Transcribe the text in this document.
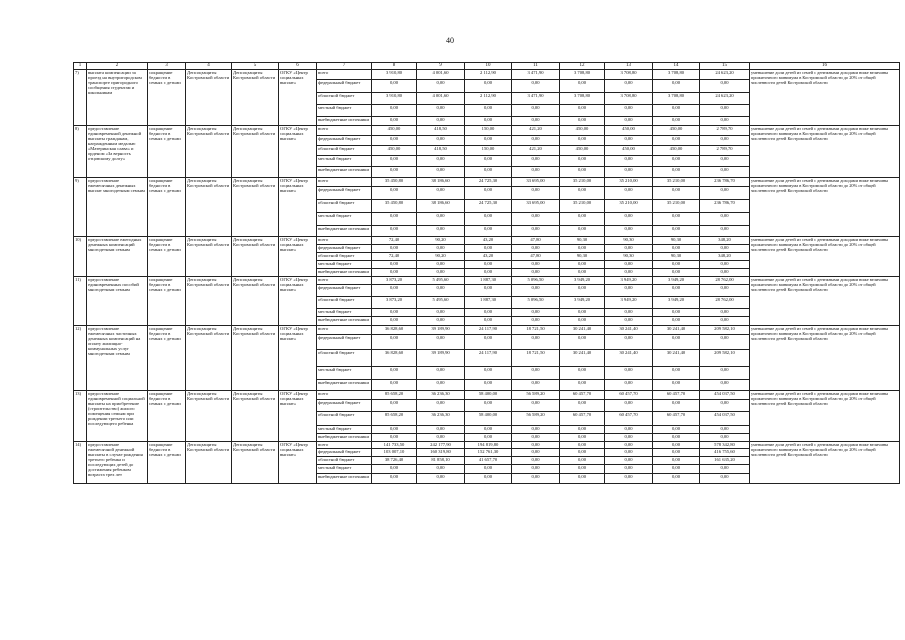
40
1	2	3	4	5	6	7	8	9	10	11	12	13	14	15	16
7)	выплата компенсации за проезд на внутригородском транспорте пригородного сообщения студентам и школьникам	сокращение бедности в семьях с детьми	Депсоцзащиты Костромской области	Депсоцзащиты Костромской области	ОГКУ «Центр социальных выплат»	всего	3 910,80	4 001,60	2 112,90	3 471,90	3 708,80	3 708,80	3 708,80	24 623,20	уменьшение доли детей из семей с денежными доходами ниже величины прожиточного минимума в Костромской области до 20% от общей численности детей Костромской области
						федеральный бюджет	0,00	0,00	0,00	0,00	0,00	0,00	0,00	0,00	
						областной бюджет	3 910,80	4 001,60	2 112,90	3 471,90	3 708,80	3 708,80	3 708,80	24 623,20	
						местный бюджет	0,00	0,00	0,00	0,00	0,00	0,00	0,00	0,00	
						внебюджетные источники	0,00	0,00	0,00	0,00	0,00	0,00	0,00	0,00	
8)	предоставление единовременной денежной выплаты гражданам, награжденным медалью «Материнская слава» и орденом «За верность отцовскому долгу»	сокращение бедности в семьях с детьми	Депсоцзащиты Костромской области	Депсоцзащиты Костромской области	ОГКУ «Центр социальных выплат»	всего	450,00	418,50	150,00	421,20	450,00	450,00	450,00	2 789,70	уменьшение доли детей из семей с денежными доходами ниже величины прожиточного минимума в Костромской области до 20% от общей численности детей Костромской области
						федеральный бюджет	0,00	0,00	0,00	0,00	0,00	0,00	0,00	0,00	
						областной бюджет	450,00	418,50	150,00	421,20	450,00	450,00	450,00	2 789,70	
						местный бюджет	0,00	0,00	0,00	0,00	0,00	0,00	0,00	0,00	
						внебюджетные источники	0,00	0,00	0,00	0,00	0,00	0,00	0,00	0,00	
9)	предоставление ежемесячных денежных выплат многодетным семьям	сокращение бедности в семьях с детьми	Депсоцзащиты Костромской области	Депсоцзащиты Костромской области	ОГКУ «Центр социальных выплат»	всего	35 450,80	38 186,60	24 725,30	33 695,00	35 210,00	35 210,00	35 210,00	236 786,70	уменьшение доли детей из семей с денежными доходами ниже величины прожиточного минимума в Костромской области до 20% от общей численности детей Костромской области
						федеральный бюджет	0,00	0,00	0,00	0,00	0,00	0,00	0,00	0,00	
						областной бюджет	35 450,80	38 186,60	24 725,30	33 695,00	35 210,00	35 210,00	35 210,00	236 786,70	
						местный бюджет	0,00	0,00	0,00	0,00	0,00	0,00	0,00	0,00	
						внебюджетные источники	0,00	0,00	0,00	0,00	0,00	0,00	0,00	0,00	
10)	предоставление ежегодных денежных компенсаций многодетным семьям	сокращение бедности в семьях с детьми	Депсоцзащиты Костромской области	Депсоцзащиты Костромской области	ОГКУ «Центр социальных выплат»	всего	72,40	90,20	43,20	47,80	90,30	90,30	90,30	348,20	уменьшение доли детей из семей с денежными доходами ниже величины прожиточного минимума в Костромской области до 20% от общей численности детей Костромской области
						федеральный бюджет	0,00	0,00	0,00	0,00	0,00	0,00	0,00	0,00	
						областной бюджет	72,40	90,20	43,20	47,80	90,30	90,30	90,30	348,20	
						местный бюджет	0,00	0,00	0,00	0,00	0,00	0,00	0,00	0,00	
						внебюджетные источники	0,00	0,00	0,00	0,00	0,00	0,00	0,00	0,00	
11)	предоставление единовременных пособий многодетным семьям	сокращение бедности в семьях с детьми	Депсоцзащиты Костромской области	Депсоцзащиты Костромской области	ОГКУ «Центр социальных выплат»	всего	3 873,20	5 495,60	1 887,30	5 096,50	3 949,20	3 949,20	3 949,20	28 762,00	уменьшение доли детей из семей с денежными доходами ниже величины прожиточного минимума в Костромской области до 20% от общей численности детей Костромской области
						федеральный бюджет	0,00	0,00	0,00	0,00	0,00	0,00	0,00	0,00	
						областной бюджет	3 873,20	5 495,60	1 887,30	5 096,50	3 949,20	3 949,20	3 949,20	28 762,00	
						местный бюджет	0,00	0,00	0,00	0,00	0,00	0,00	0,00	0,00	
						внебюджетные источники	0,00	0,00	0,00	0,00	0,00	0,00	0,00	0,00	
12)	предоставление ежемесячных частичных денежных компенсаций на оплату жилищно-коммунальных услуг многодетным семьям	сокращение бедности в семьях с детьми	Депсоцзащиты Костромской области	Депсоцзащиты Костромской области	ОГКУ «Центр социальных выплат»	всего	36 828,60	39 189,90	24 117,90	18 721,50	30 241,40	30 241,40	30 241,40	209 582,10	уменьшение доли детей из семей с денежными доходами ниже величины прожиточного минимума в Костромской области до 20% от общей численности детей Костромской области
						федеральный бюджет	0,00	0,00	0,00	0,00	0,00	0,00	0,00	0,00	
						областной бюджет	36 828,60	39 189,90	24 117,90	18 721,50	30 241,40	30 241,40	30 241,40	209 582,10	
						местный бюджет	0,00	0,00	0,00	0,00	0,00	0,00	0,00	0,00	
						внебюджетные источники	0,00	0,00	0,00	0,00	0,00	0,00	0,00	0,00	
13)	предоставление единовременной социальной выплаты на приобретение (строительство) жилого помещения семьям при рождении третьего или последующего ребенка	сокращение бедности в семьях с детьми	Депсоцзащиты Костромской области	Депсоцзащиты Костромской области	ОГКУ «Центр социальных выплат»	всего	85 658,20	36 236,30	58 400,00	56 589,20	60 457,70	60 457,70	60 457,70	454 037,50	уменьшение доли детей из семей с денежными доходами ниже величины прожиточного минимума в Костромской области до 20% от общей численности детей Костромской области
						федеральный бюджет	0,00	0,00	0,00	0,00	0,00	0,00	0,00	0,00	
						областной бюджет	85 658,20	36 236,30	58 400,00	56 589,20	60 457,70	60 457,70	60 457,70	454 037,50	
						местный бюджет	0,00	0,00	0,00	0,00	0,00	0,00	0,00	0,00	
						внебюджетные источники	0,00	0,00	0,00	0,00	0,00	0,00	0,00	0,00	
14)	предоставление ежемесячной денежной выплаты в случае рождения третьего ребенка и последующих детей до достижения ребенком возраста трех лет	сокращение бедности в семьях с детьми	Депсоцзащиты Костромской области	Депсоцзащиты Костромской области	ОГКУ «Центр социальных выплат»	всего	141 733,50	242 177,90	194 819,80	0,00	0,00	0,00	0,00	578 342,80	уменьшение доли детей из семей с денежными доходами ниже величины прожиточного минимума в Костромской области до 20% от общей численности детей Костромской области
						федеральный бюджет	103 007,10	160 319,80	152 761,30	0,00	0,00	0,00	0,00	416 755,60	
						областной бюджет	38 726,40	81 858,10	41 657,70	0,00	0,00	0,00	0,00	161 635,20	
						местный бюджет	0,00	0,00	0,00	0,00	0,00	0,00	0,00	0,00	
						внебюджетные источники	0,00	0,00	0,00	0,00	0,00	0,00	0,00	0,00	
